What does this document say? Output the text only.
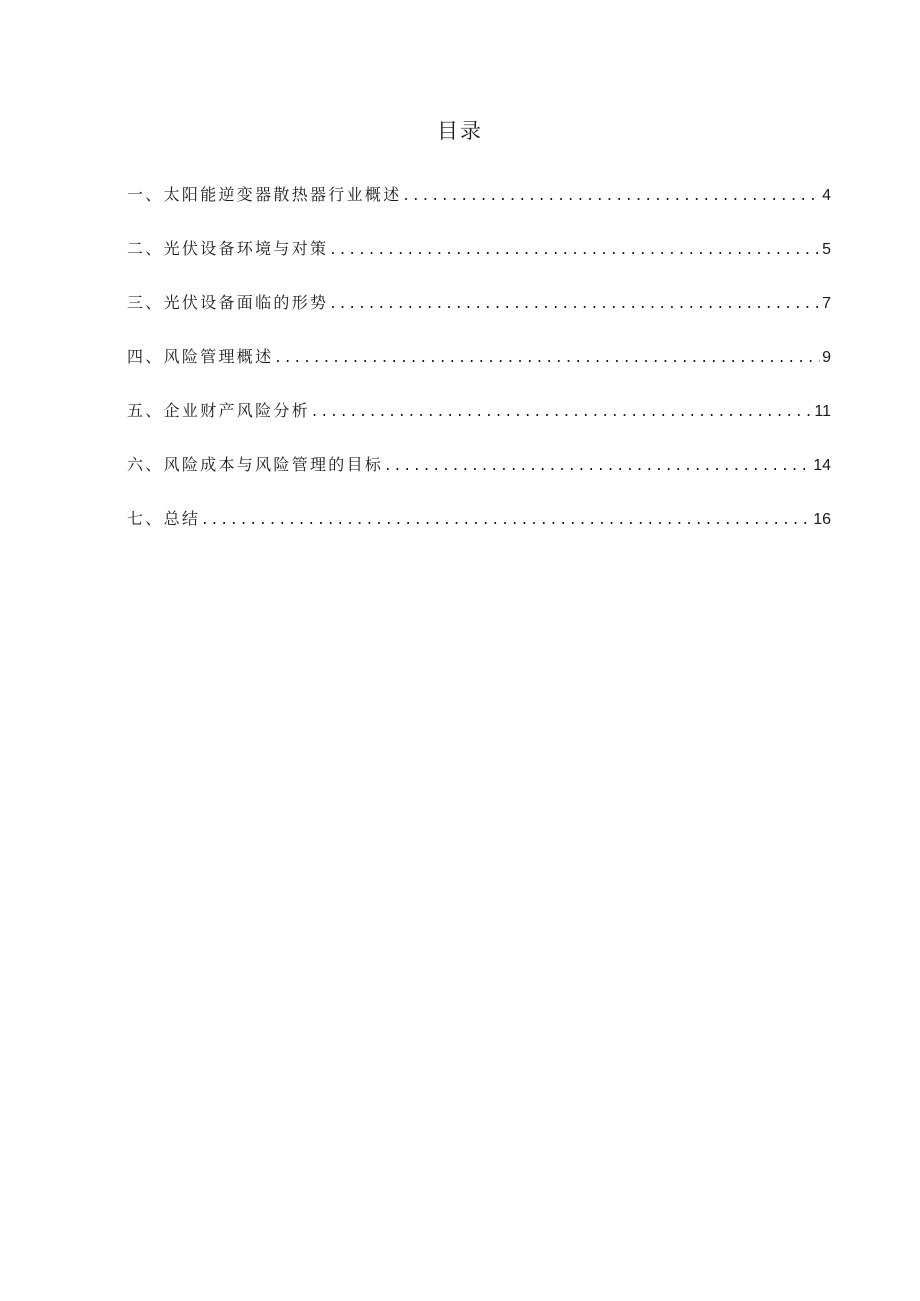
目录
一、太阳能逆变器散热器行业概述 .....	4
二、光伏设备环境与对策 .....	5
三、光伏设备面临的形势 .....	7
四、风险管理概述 .....	9
五、企业财产风险分析 .....	11
六、风险成本与风险管理的目标 .....	14
七、总结 .....	16
